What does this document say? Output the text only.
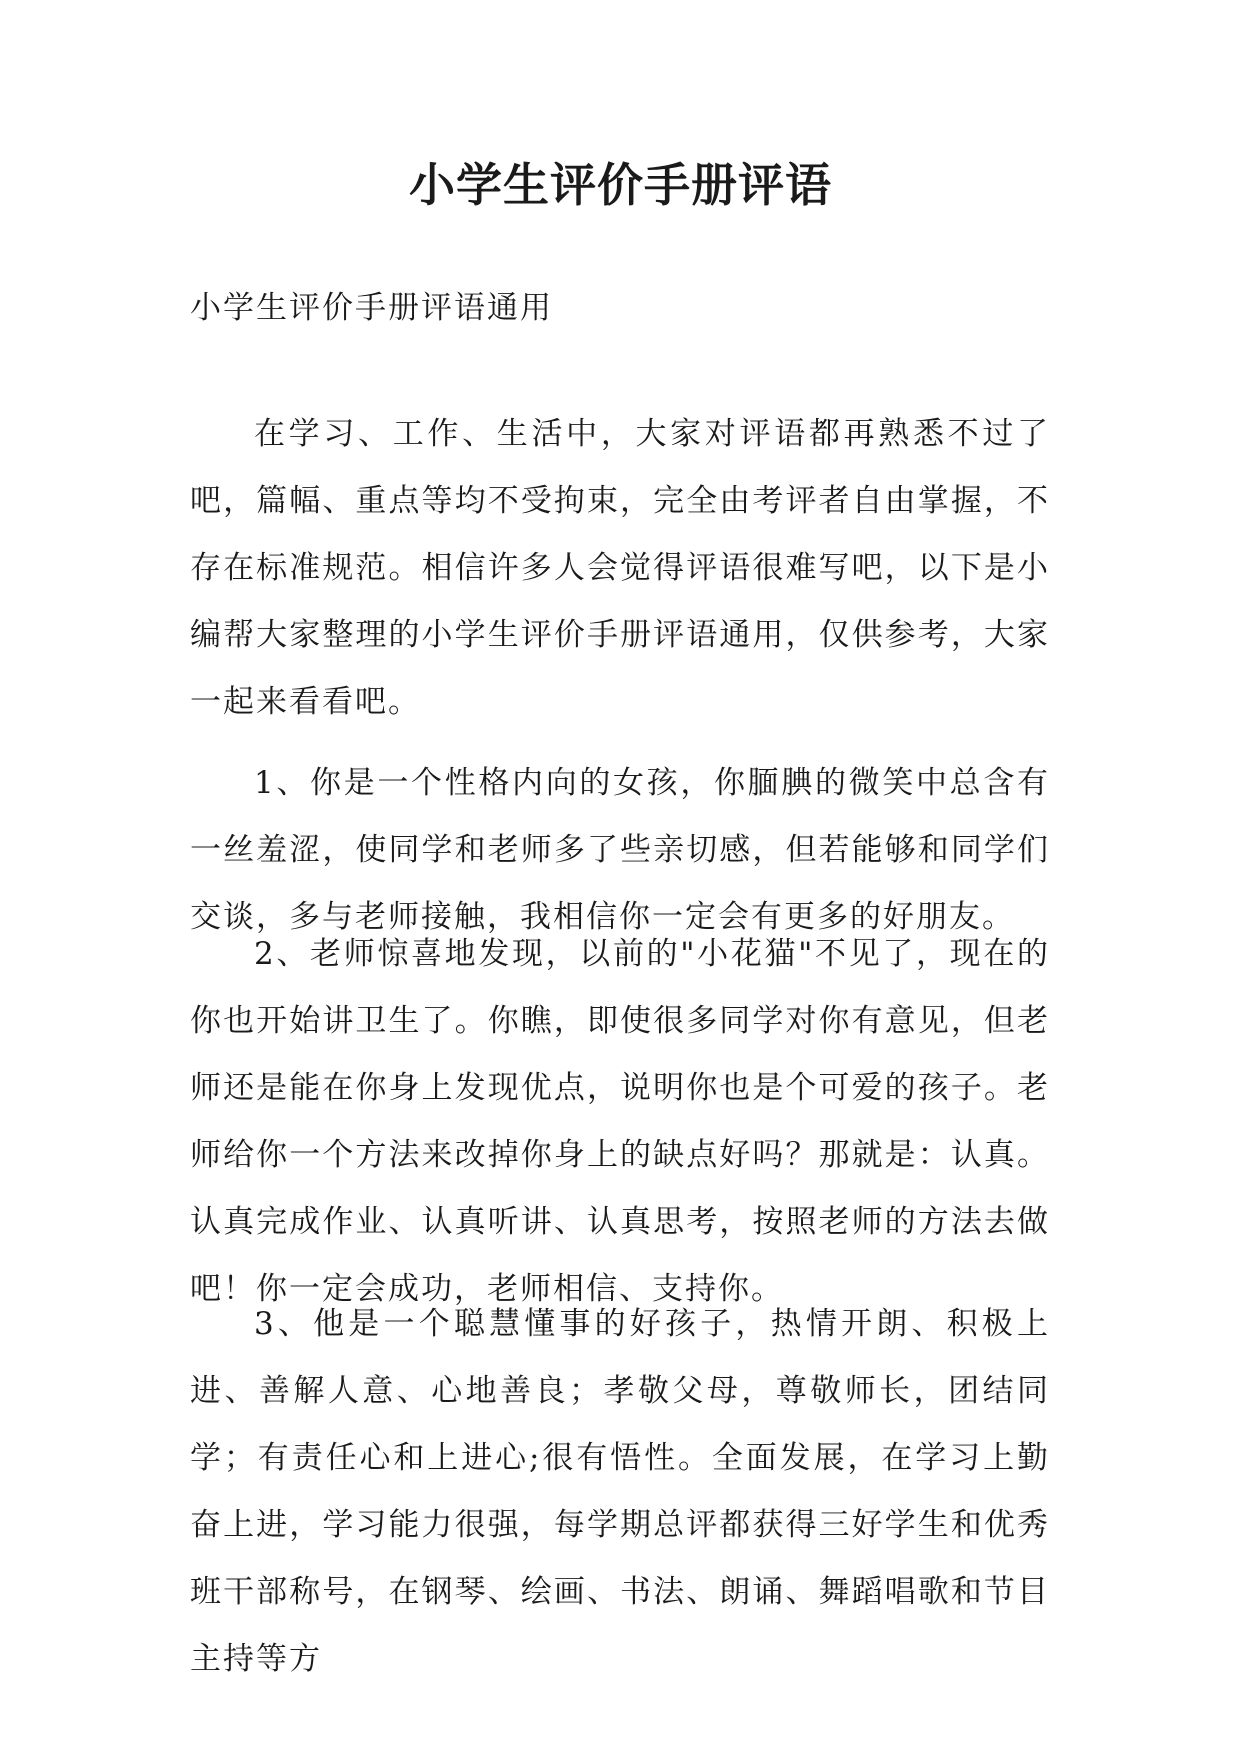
小学生评价手册评语

小学生评价手册评语通用

在学习、工作、生活中，大家对评语都再熟悉不过了吧，篇幅、重点等均不受拘束，完全由考评者自由掌握，不存在标准规范。相信许多人会觉得评语很难写吧，以下是小编帮大家整理的小学生评价手册评语通用，仅供参考，大家一起来看看吧。

1、你是一个性格内向的女孩，你腼腆的微笑中总含有一丝羞涩，使同学和老师多了些亲切感，但若能够和同学们交谈，多与老师接触，我相信你一定会有更多的好朋友。

2、老师惊喜地发现，以前的"小花猫"不见了，现在的你也开始讲卫生了。你瞧，即使很多同学对你有意见，但老师还是能在你身上发现优点，说明你也是个可爱的孩子。老师给你一个方法来改掉你身上的缺点好吗？那就是：认真。认真完成作业、认真听讲、认真思考，按照老师的方法去做吧！你一定会成功，老师相信、支持你。

3、他是一个聪慧懂事的好孩子，热情开朗、积极上进、善解人意、心地善良；孝敬父母，尊敬师长，团结同学；有责任心和上进心;很有悟性。全面发展，在学习上勤奋上进，学习能力很强，每学期总评都获得三好学生和优秀班干部称号，在钢琴、绘画、书法、朗诵、舞蹈唱歌和节目主持等方
